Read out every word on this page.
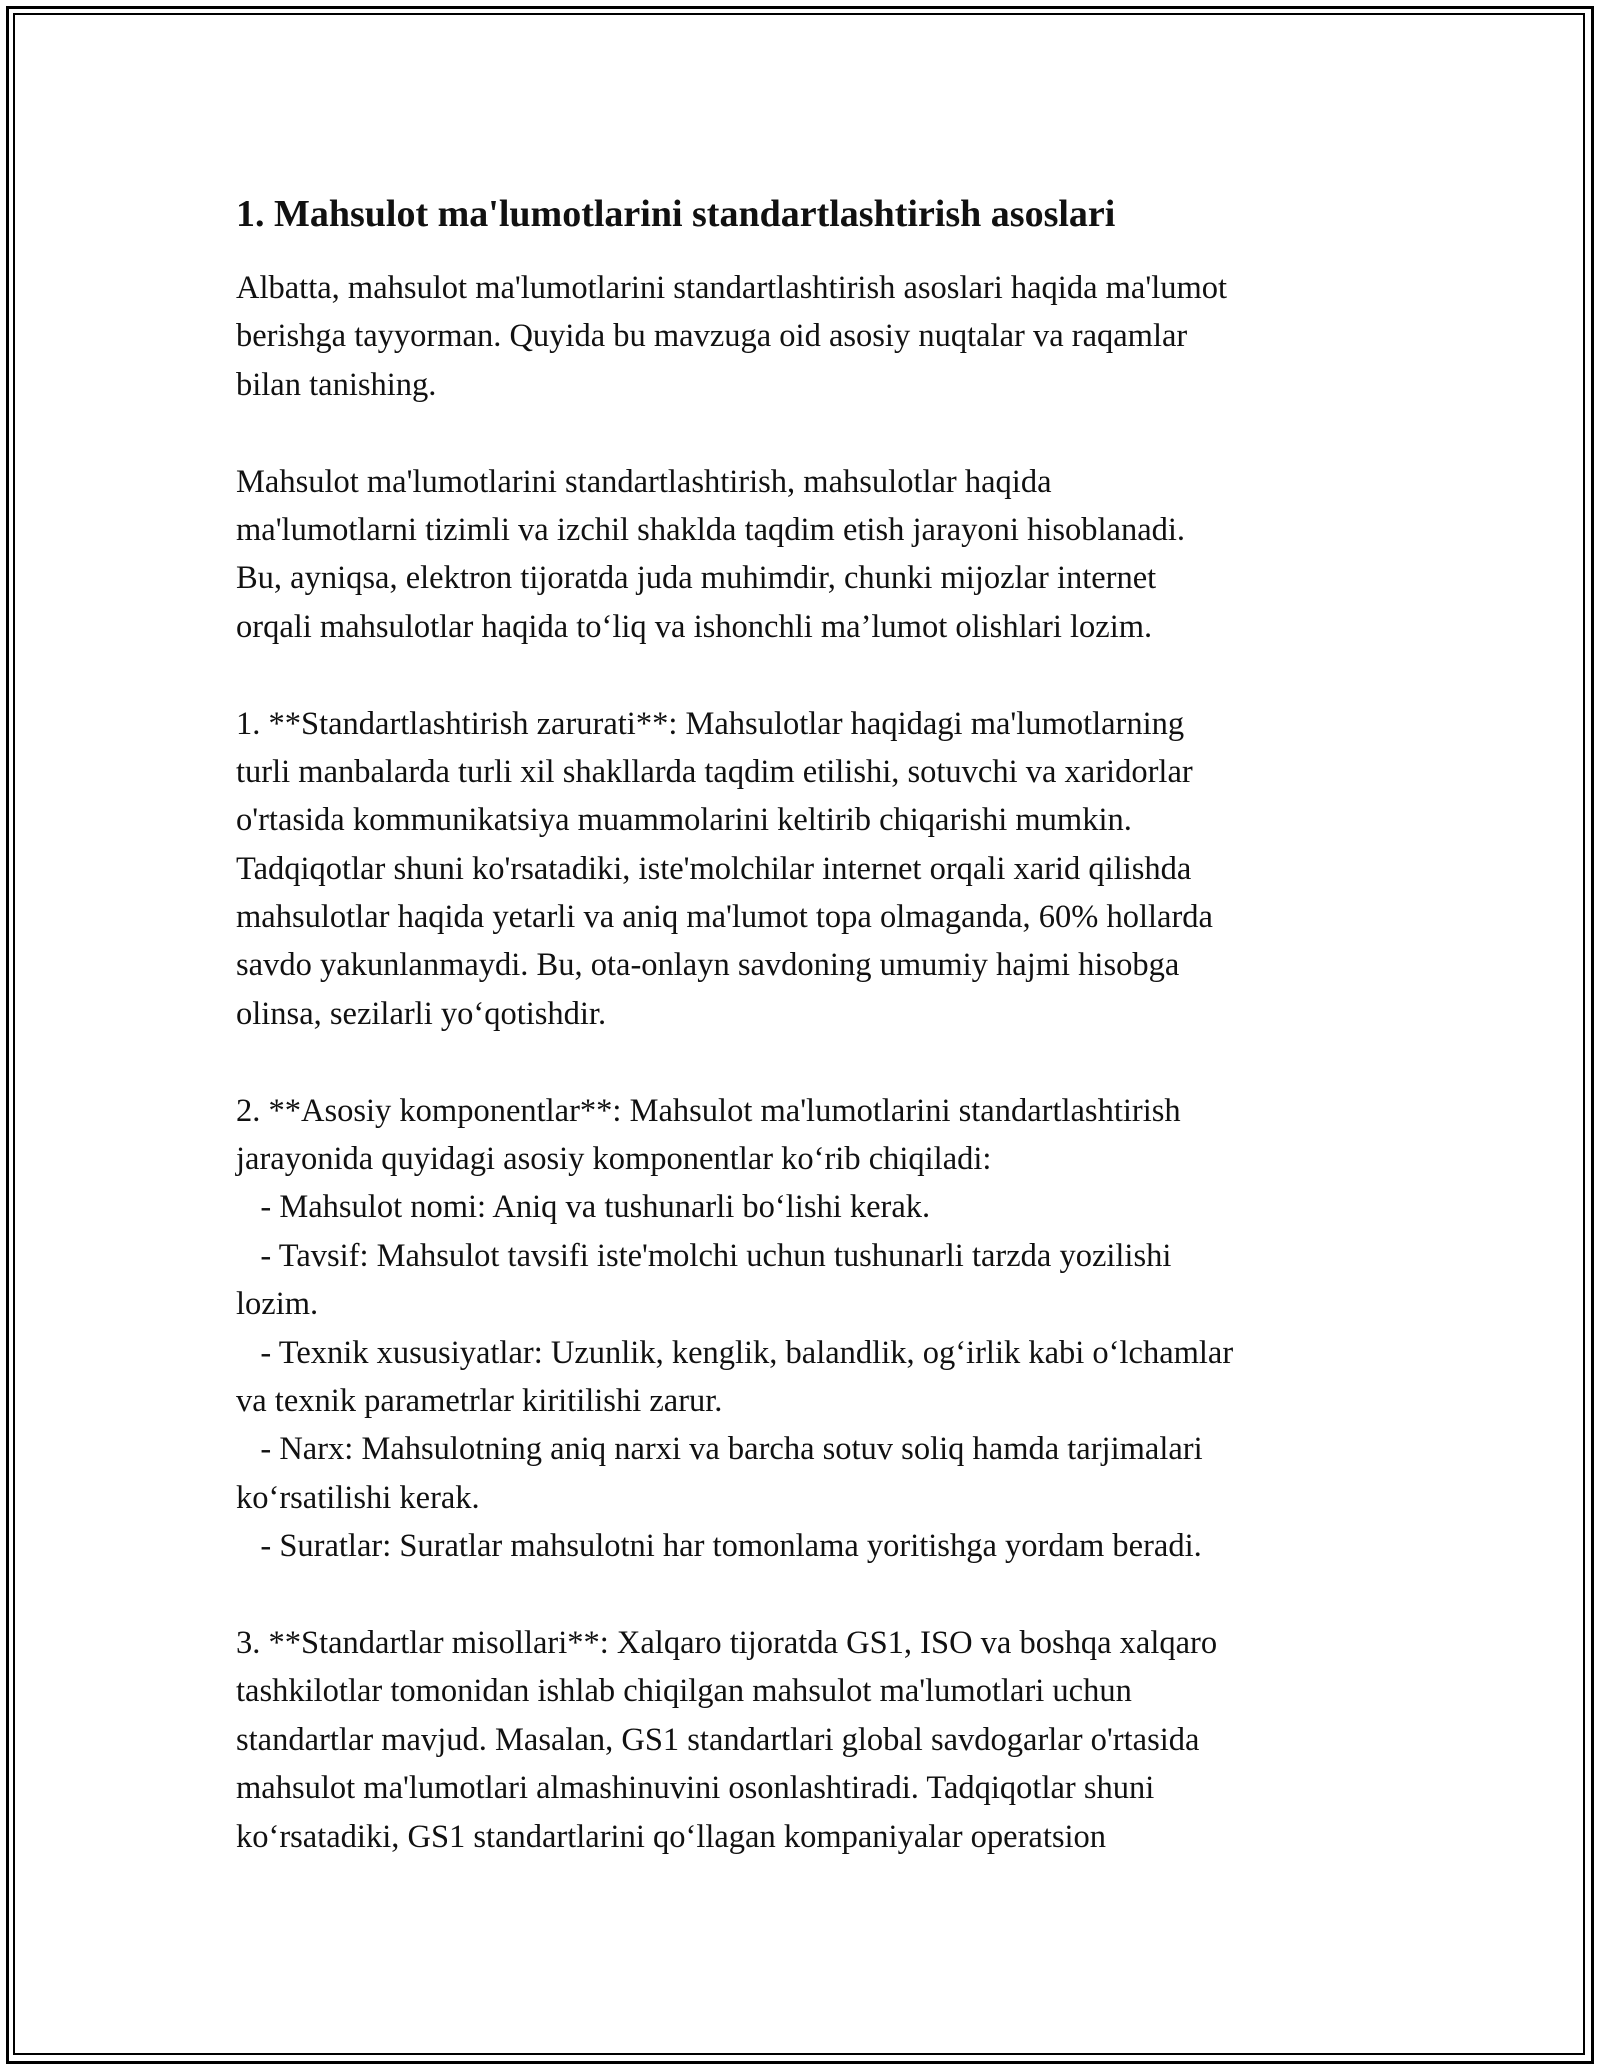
1. Mahsulot ma'lumotlarini standartlashtirish asoslari
Albatta, mahsulot ma'lumotlarini standartlashtirish asoslari haqida ma'lumot
berishga tayyorman. Quyida bu mavzuga oid asosiy nuqtalar va raqamlar
bilan tanishing.
Mahsulot ma'lumotlarini standartlashtirish, mahsulotlar haqida
ma'lumotlarni tizimli va izchil shaklda taqdim etish jarayoni hisoblanadi.
Bu, ayniqsa, elektron tijoratda juda muhimdir, chunki mijozlar internet
orqali mahsulotlar haqida to‘liq va ishonchli ma’lumot olishlari lozim.
1. **Standartlashtirish zarurati**: Mahsulotlar haqidagi ma'lumotlarning
turli manbalarda turli xil shakllarda taqdim etilishi, sotuvchi va xaridorlar
o'rtasida kommunikatsiya muammolarini keltirib chiqarishi mumkin.
Tadqiqotlar shuni ko'rsatadiki, iste'molchilar internet orqali xarid qilishda
mahsulotlar haqida yetarli va aniq ma'lumot topa olmaganda, 60% hollarda
savdo yakunlanmaydi. Bu, ota-onlayn savdoning umumiy hajmi hisobga
olinsa, sezilarli yo‘qotishdir.
2. **Asosiy komponentlar**: Mahsulot ma'lumotlarini standartlashtirish
jarayonida quyidagi asosiy komponentlar ko‘rib chiqiladi:
- Mahsulot nomi: Aniq va tushunarli bo‘lishi kerak.
- Tavsif: Mahsulot tavsifi iste'molchi uchun tushunarli tarzda yozilishi
lozim.
- Texnik xususiyatlar: Uzunlik, kenglik, balandlik, og‘irlik kabi o‘lchamlar
va texnik parametrlar kiritilishi zarur.
- Narx: Mahsulotning aniq narxi va barcha sotuv soliq hamda tarjimalari
ko‘rsatilishi kerak.
- Suratlar: Suratlar mahsulotni har tomonlama yoritishga yordam beradi.
3. **Standartlar misollari**: Xalqaro tijoratda GS1, ISO va boshqa xalqaro
tashkilotlar tomonidan ishlab chiqilgan mahsulot ma'lumotlari uchun
standartlar mavjud. Masalan, GS1 standartlari global savdogarlar o'rtasida
mahsulot ma'lumotlari almashinuvini osonlashtiradi. Tadqiqotlar shuni
ko‘rsatadiki, GS1 standartlarini qo‘llagan kompaniyalar operatsion
